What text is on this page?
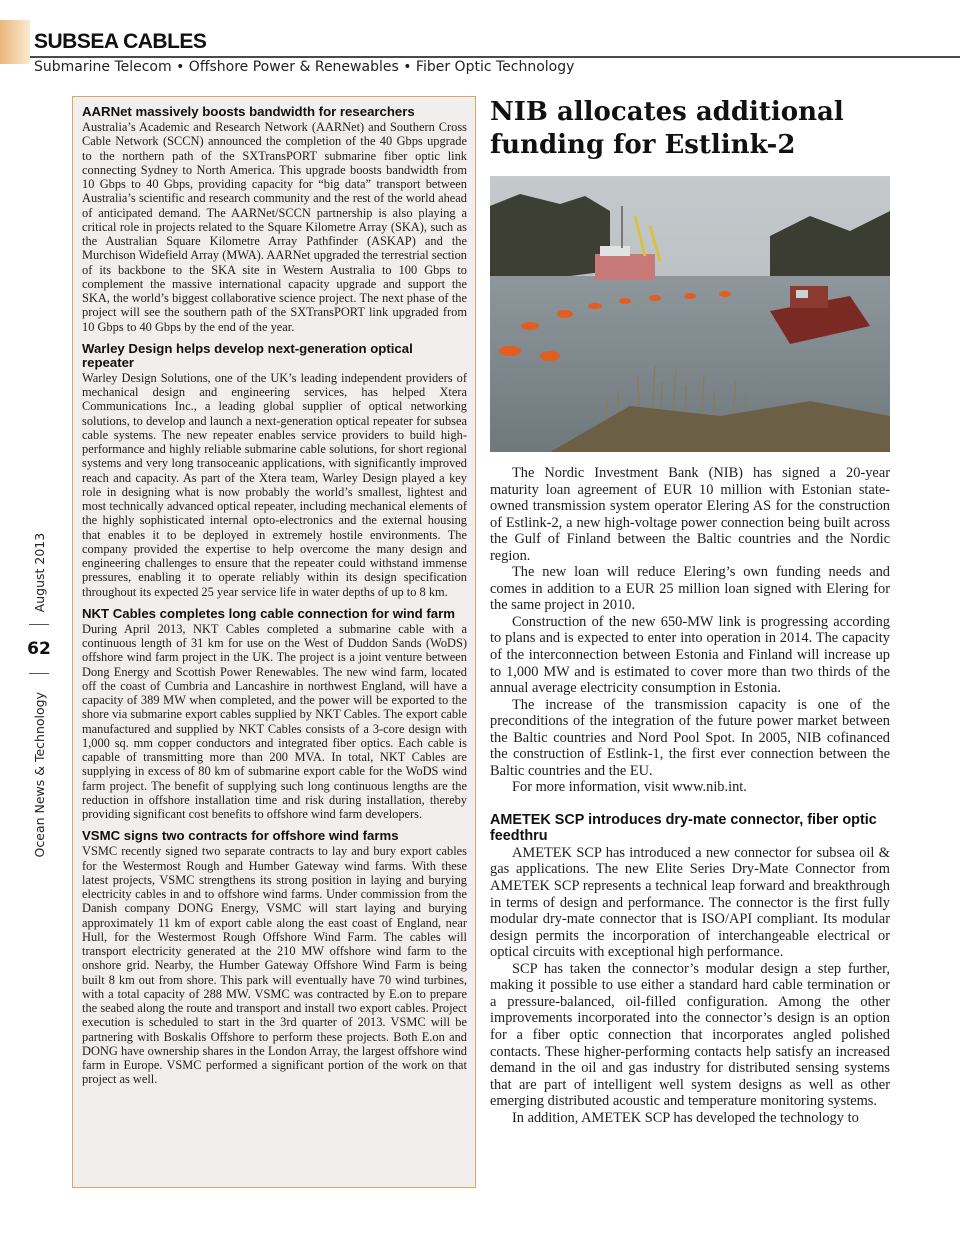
SUBSEA CABLES

Submarine Telecom • Offshore Power & Renewables • Fiber Optic Technology

Ocean News & Technology
62
August 2013
AARNet massively boosts bandwidth for researchers

Australia’s Academic and Research Network (AARNet) and Southern Cross Cable Network (SCCN) announced the completion of the 40 Gbps upgrade to the northern path of the SXTransPORT submarine fiber optic link connecting Sydney to North America. This upgrade boosts bandwidth from 10 Gbps to 40 Gbps, providing capacity for “big data” transport between Australia’s scientific and research community and the rest of the world ahead of anticipated demand. The AARNet/SCCN partnership is also playing a critical role in projects related to the Square Kilometre Array (SKA), such as the Australian Square Kilometre Array Pathfinder (ASKAP) and the Murchison Widefield Array (MWA). AARNet upgraded the terrestrial section of its backbone to the SKA site in Western Australia to 100 Gbps to complement the massive international capacity upgrade and support the SKA, the world’s biggest collaborative science project. The next phase of the project will see the southern path of the SXTransPORT link upgraded from 10 Gbps to 40 Gbps by the end of the year.

Warley Design helps develop next-generation optical repeater

Warley Design Solutions, one of the UK’s leading independent providers of mechanical design and engineering services, has helped Xtera Communications Inc., a leading global supplier of optical networking solutions, to develop and launch a next-generation optical repeater for subsea cable systems. The new repeater enables service providers to build high-performance and highly reliable submarine cable solutions, for short regional systems and very long transoceanic applications, with significantly improved reach and capacity. As part of the Xtera team, Warley Design played a key role in designing what is now probably the world’s smallest, lightest and most technically advanced optical repeater, including mechanical elements of the highly sophisticated internal opto-electronics and the external housing that enables it to be deployed in extremely hostile environments. The company provided the expertise to help overcome the many design and engineering challenges to ensure that the repeater could withstand immense pressures, enabling it to operate reliably within its design specification throughout its expected 25 year service life in water depths of up to 8 km.

NKT Cables completes long cable connection for wind farm

During April 2013, NKT Cables completed a submarine cable with a continuous length of 31 km for use on the West of Duddon Sands (WoDS) offshore wind farm project in the UK. The project is a joint venture between Dong Energy and Scottish Power Renewables. The new wind farm, located off the coast of Cumbria and Lancashire in northwest England, will have a capacity of 389 MW when completed, and the power will be exported to the shore via submarine export cables supplied by NKT Cables. The export cable manufactured and supplied by NKT Cables consists of a 3-core design with 1,000 sq. mm copper conductors and integrated fiber optics. Each cable is capable of transmitting more than 200 MVA. In total, NKT Cables are supplying in excess of 80 km of submarine export cable for the WoDS wind farm project. The benefit of supplying such long continuous lengths are the reduction in offshore installation time and risk during installation, thereby providing significant cost benefits to offshore wind farm developers.

VSMC signs two contracts for offshore wind farms

VSMC recently signed two separate contracts to lay and bury export cables for the Westermost Rough and Humber Gateway wind farms. With these latest projects, VSMC strengthens its strong position in laying and burying electricity cables in and to offshore wind farms. Under commission from the Danish company DONG Energy, VSMC will start laying and burying approximately 11 km of export cable along the east coast of England, near Hull, for the Westermost Rough Offshore Wind Farm. The cables will transport electricity generated at the 210 MW offshore wind farm to the onshore grid. Nearby, the Humber Gateway Offshore Wind Farm is being built 8 km out from shore. This park will eventually have 70 wind turbines, with a total capacity of 288 MW. VSMC was contracted by E.on to prepare the seabed along the route and transport and install two export cables. Project execution is scheduled to start in the 3rd quarter of 2013. VSMC will be partnering with Boskalis Offshore to perform these projects. Both E.on and DONG have ownership shares in the London Array, the largest offshore wind farm in Europe. VSMC performed a significant portion of the work on that project as well.

NIB allocates additional funding for Estlink-2

The Nordic Investment Bank (NIB) has signed a 20-year maturity loan agreement of EUR 10 million with Estonian state-owned transmission system operator Elering AS for the construction of Estlink-2, a new high-voltage power connection being built across the Gulf of Finland between the Baltic countries and the Nordic region.

The new loan will reduce Elering’s own funding needs and comes in addition to a EUR 25 million loan signed with Elering for the same project in 2010.

Construction of the new 650-MW link is progressing according to plans and is expected to enter into operation in 2014. The capacity of the interconnection between Estonia and Finland will increase up to 1,000 MW and is estimated to cover more than two thirds of the annual average electricity consumption in Estonia.

The increase of the transmission capacity is one of the preconditions of the integration of the future power market between the Baltic countries and Nord Pool Spot. In 2005, NIB cofinanced the construction of Estlink-1, the first ever connection between the Baltic countries and the EU.

For more information, visit www.nib.int.

AMETEK SCP introduces dry-mate connector, fiber optic feedthru

AMETEK SCP has introduced a new connector for subsea oil & gas applications. The new Elite Series Dry-Mate Connector from AMETEK SCP represents a technical leap forward and breakthrough in terms of design and performance. The connector is the first fully modular dry-mate connector that is ISO/API compliant. Its modular design permits the incorporation of interchangeable electrical or optical circuits with exceptional high performance.

SCP has taken the connector’s modular design a step further, making it possible to use either a standard hard cable termination or a pressure-balanced, oil-filled configuration. Among the other improvements incorporated into the connector’s design is an option for a fiber optic connection that incorporates angled polished contacts. These higher-performing contacts help satisfy an increased demand in the oil and gas industry for distributed sensing systems that are part of intelligent well system designs as well as other emerging distributed acoustic and temperature monitoring systems.

In addition, AMETEK SCP has developed the technology to
